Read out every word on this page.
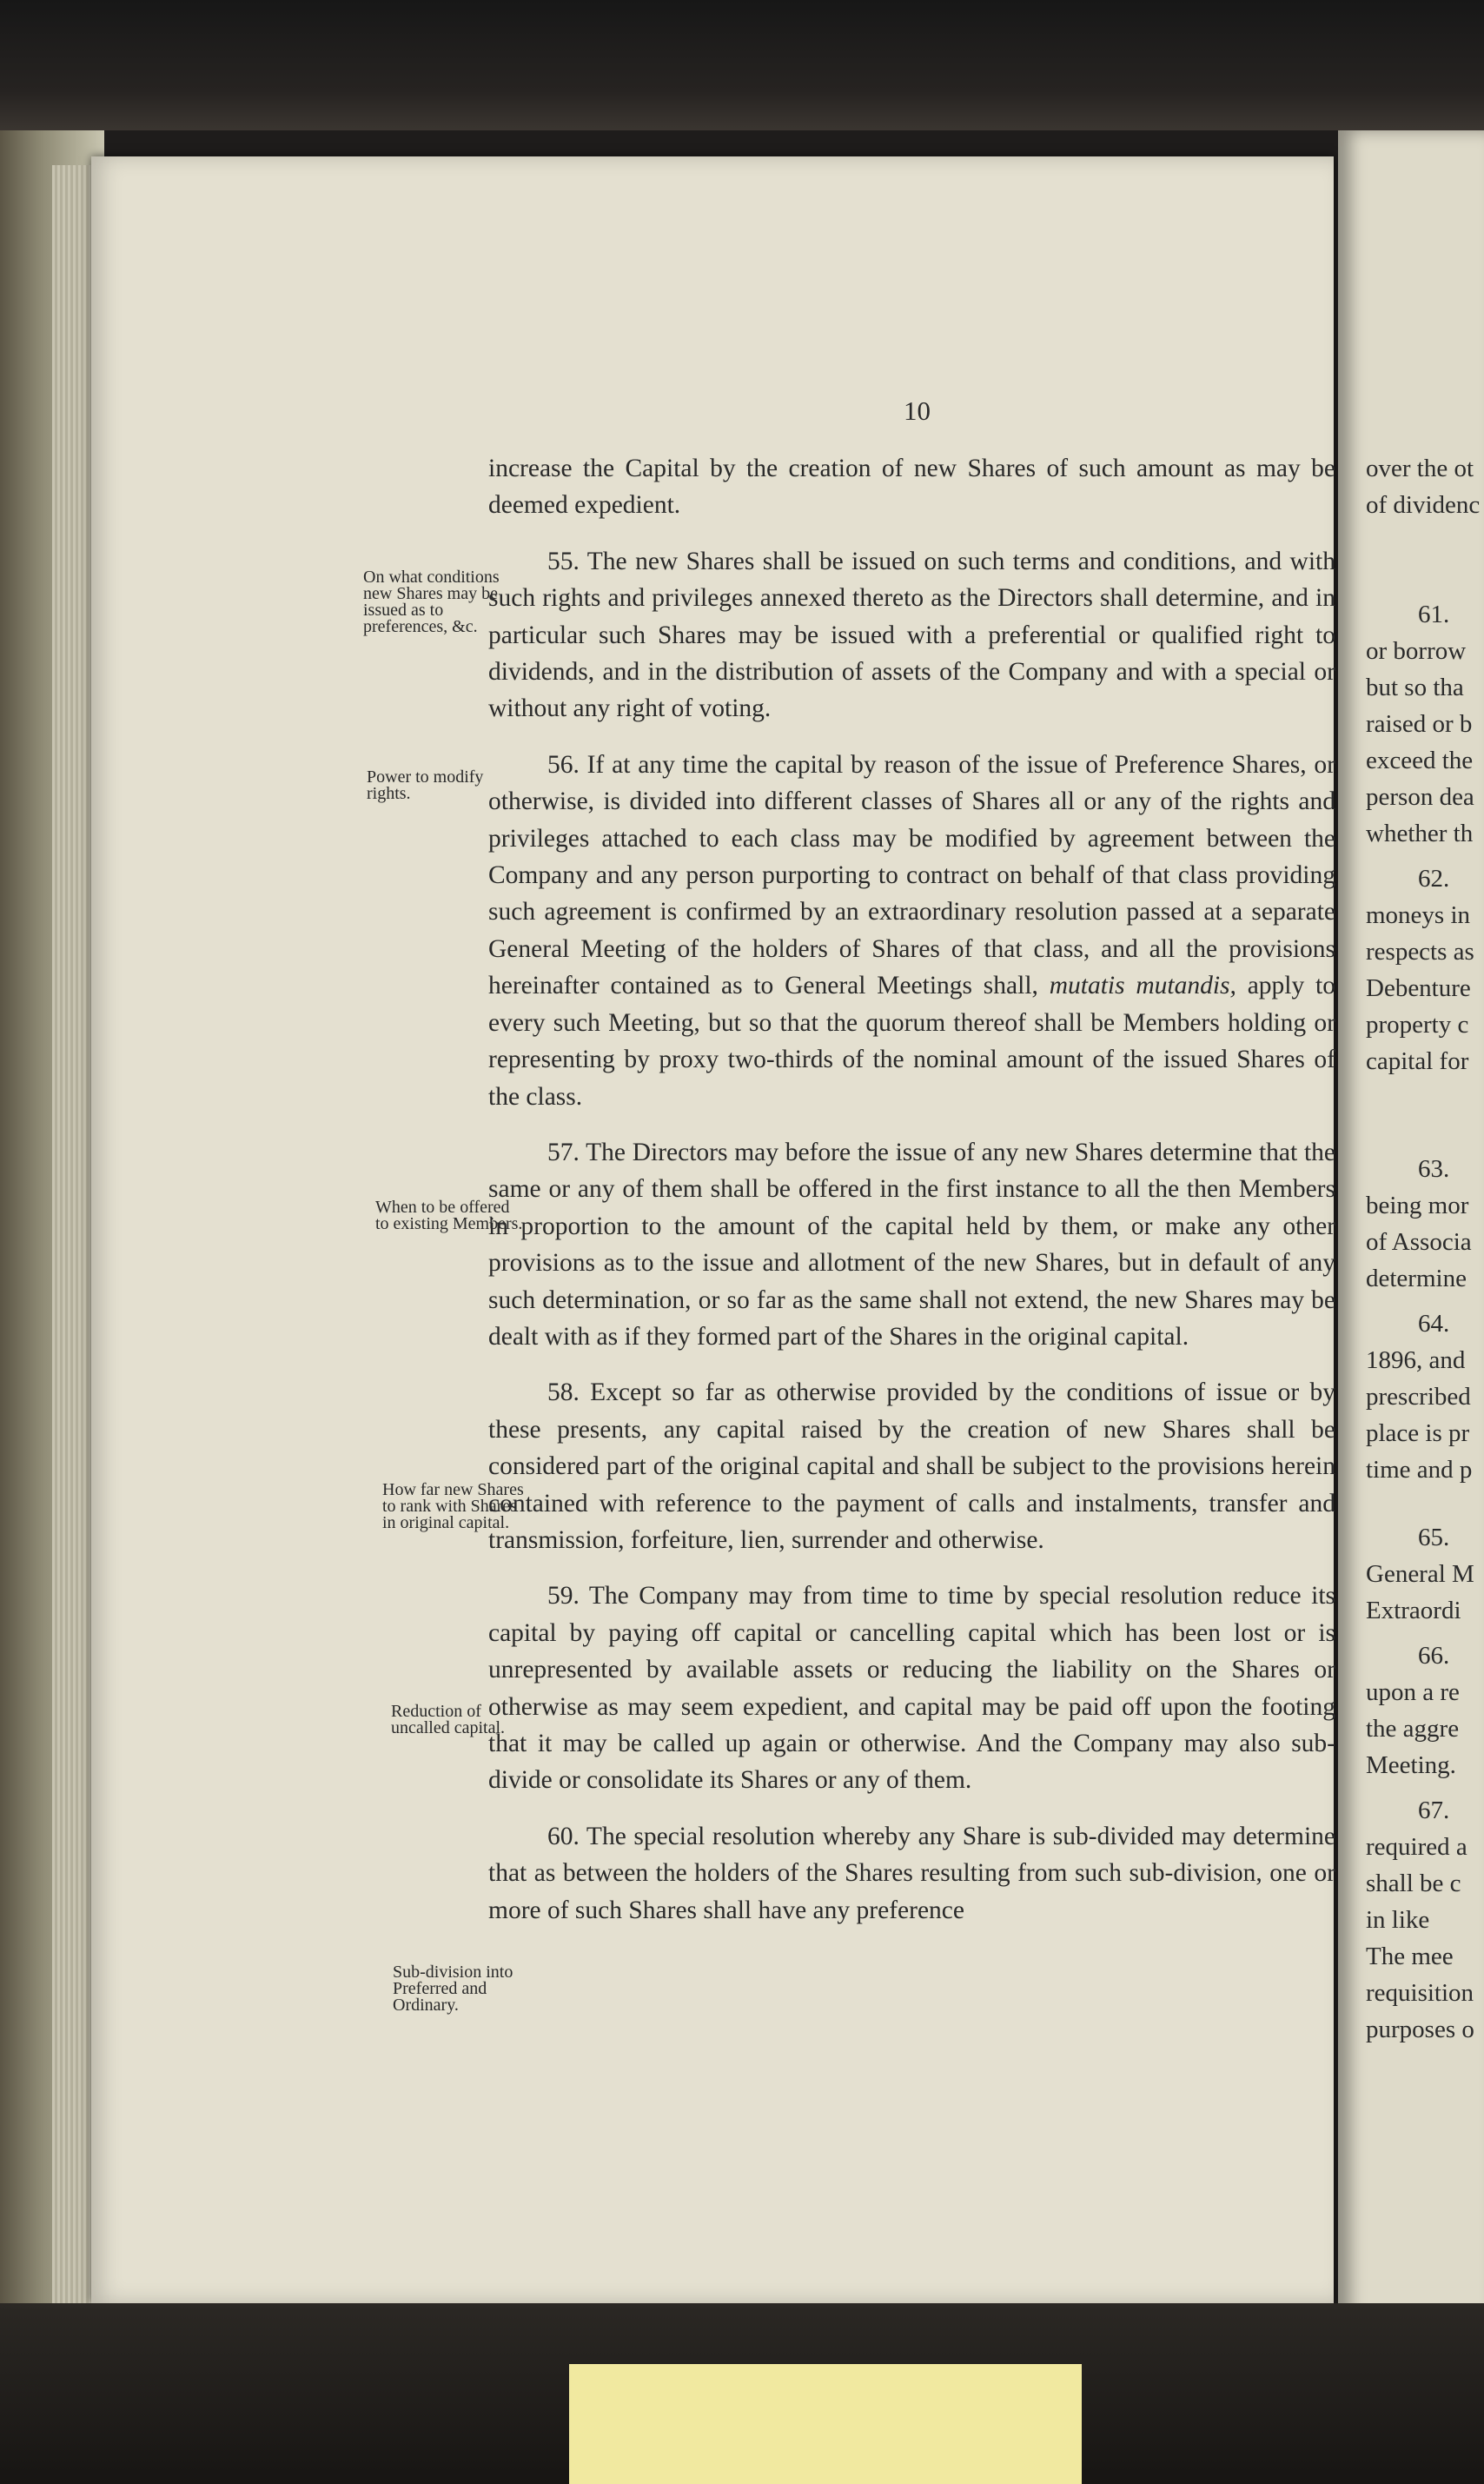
10

increase the Capital by the creation of new Shares of such amount as may be deemed expedient.

55. The new Shares shall be issued on such terms and conditions, and with such rights and privileges annexed thereto as the Directors shall determine, and in particular such Shares may be issued with a preferential or qualified right to dividends, and in the distribution of assets of the Company and with a special or without any right of voting.

56. If at any time the capital by reason of the issue of Preference Shares, or otherwise, is divided into different classes of Shares all or any of the rights and privileges attached to each class may be modified by agreement between the Company and any person purporting to contract on behalf of that class providing such agreement is confirmed by an extraordinary resolution passed at a separate General Meeting of the holders of Shares of that class, and all the provisions hereinafter contained as to General Meetings shall, mutatis mutandis, apply to every such Meeting, but so that the quorum thereof shall be Members holding or representing by proxy two-thirds of the nominal amount of the issued Shares of the class.

57. The Directors may before the issue of any new Shares determine that the same or any of them shall be offered in the first instance to all the then Members in proportion to the amount of the capital held by them, or make any other provisions as to the issue and allotment of the new Shares, but in default of any such determination, or so far as the same shall not extend, the new Shares may be dealt with as if they formed part of the Shares in the original capital.

58. Except so far as otherwise provided by the conditions of issue or by these presents, any capital raised by the creation of new Shares shall be considered part of the original capital and shall be subject to the provisions herein contained with reference to the payment of calls and instalments, transfer and transmission, forfeiture, lien, surrender and otherwise.

59. The Company may from time to time by special resolution reduce its capital by paying off capital or cancelling capital which has been lost or is unrepresented by available assets or reducing the liability on the Shares or otherwise as may seem expedient, and capital may be paid off upon the footing that it may be called up again or otherwise. And the Company may also sub-divide or consolidate its Shares or any of them.

60. The special resolution whereby any Share is sub-divided may determine that as between the holders of the Shares resulting from such sub-division, one or more of such Shares shall have any preference

On what conditions new Shares may be issued as to preferences, &c.
Power to modify rights.
When to be offered to existing Members.
How far new Shares to rank with Shares in original capital.
Reduction of uncalled capital.
Sub-division into Preferred and Ordinary.
over the ot
of dividenc
61.
or borrow
but so tha
raised or b
exceed the
person dea
whether th
62.
moneys in
respects as
Debenture
property c
capital for
63.
being mor
of Associa
determine
64.
1896, and
prescribed
place is pr
time and p
65.
General M
Extraordi
66.
upon a re
the aggre
Meeting.
67.
required a
shall be c
in like
The mee
requisition
purposes o
